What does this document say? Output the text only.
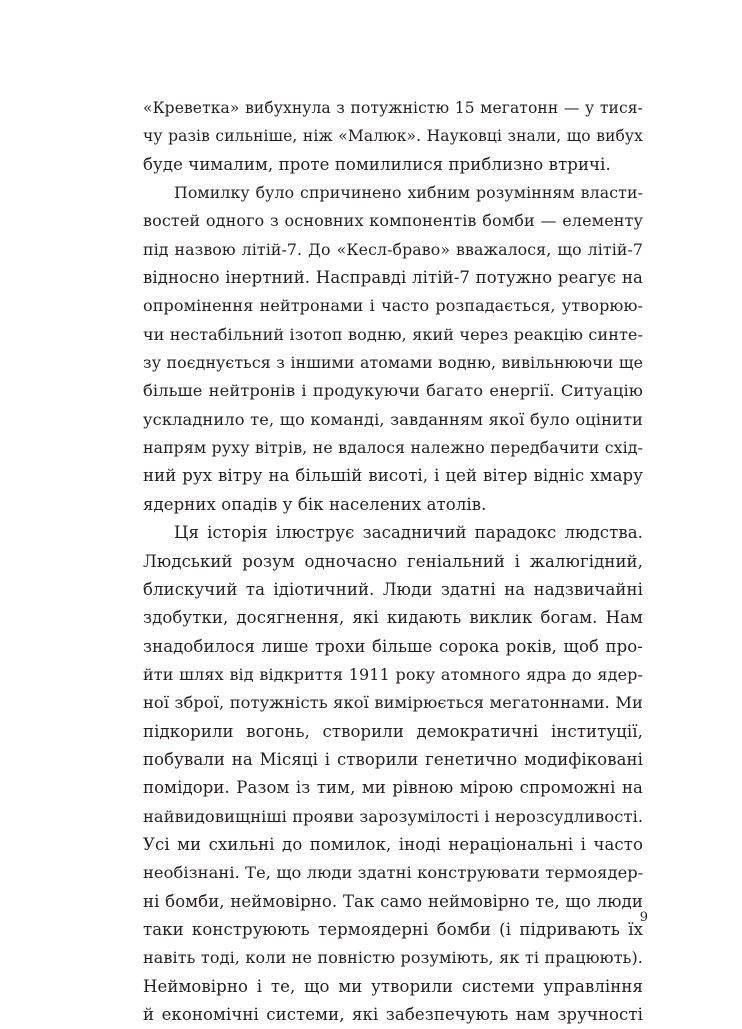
«Креветка» вибухнула з потужністю 15 мегатонн — у тися-
чу разів сильніше, ніж «Малюк». Науковці знали, що вибух
буде чималим, проте помилилися приблизно втричі.
Помилку було спричинено хибним розумінням власти-
востей одного з основних компонентів бомби — елементу
під назвою літій-7. До «Кесл-браво» вважалося, що літій-7
відносно інертний. Насправді літій-7 потужно реагує на
опромінення нейтронами і часто розпадається, утворюю-
чи нестабільний ізотоп водню, який через реакцію синте-
зу поєднується з іншими атомами водню, вивільнюючи ще
більше нейтронів і продукуючи багато енергії. Ситуацію
ускладнило те, що команді, завданням якої було оцінити
напрям руху вітрів, не вдалося належно передбачити схід-
ний рух вітру на більшій висоті, і цей вітер відніс хмару
ядерних опадів у бік населених атолів.
Ця історія ілюструє засадничий парадокс людства.
Людський розум одночасно геніальний і жалюгідний,
блискучий та ідіотичний. Люди здатні на надзвичайні
здобутки, досягнення, які кидають виклик богам. Нам
знадобилося лише трохи більше сорока років, щоб про-
йти шлях від відкриття 1911 року атомного ядра до ядер-
ної зброї, потужність якої вимірюється мегатоннами. Ми
підкорили вогонь, створили демократичні інституції,
побували на Місяці і створили генетично модифіковані
помідори. Разом із тим, ми рівною мірою спроможні на
найвидовищніші прояви зарозумілості і нерозсудливості.
Усі ми схильні до помилок, іноді нераціональні і часто
необізнані. Те, що люди здатні конструювати термоядер-
ні бомби, неймовірно. Так само неймовірно те, що люди
таки конструюють термоядерні бомби (і підривають їх
навіть тоді, коли не повністю розуміють, як ті працюють).
Неймовірно і те, що ми утворили системи управління
й економічні системи, які забезпечують нам зручності
9
